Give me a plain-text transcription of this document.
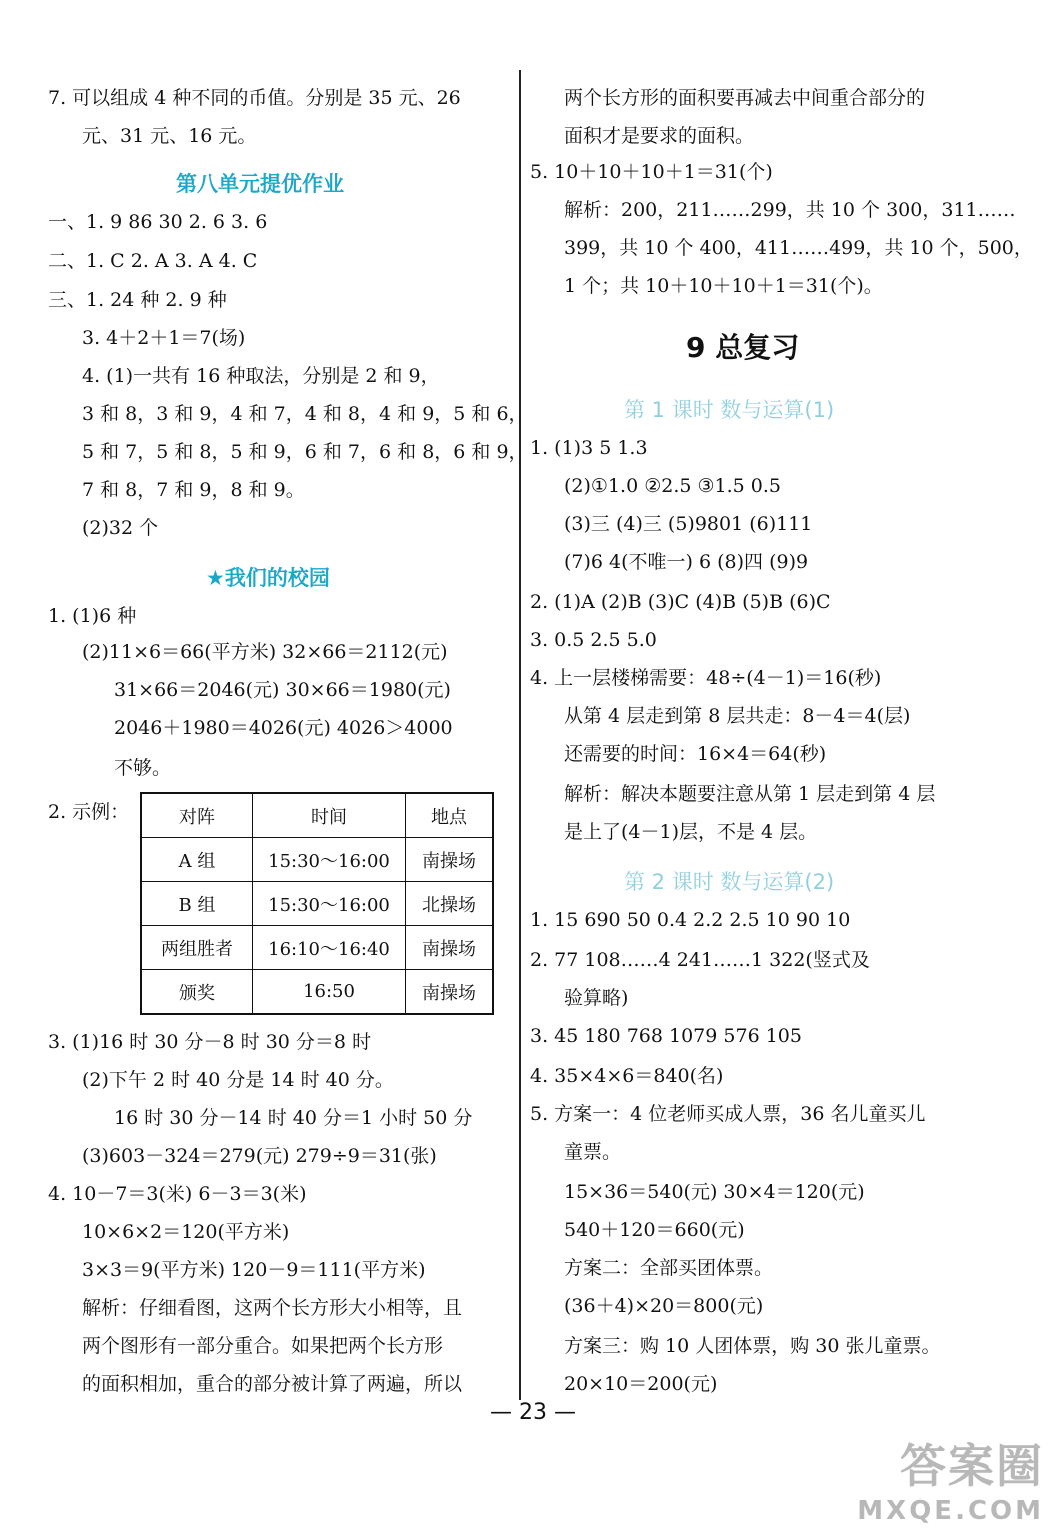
7. 可以组成 4 种不同的币值。分别是 35 元、26
元、31 元、16 元。
第八单元提优作业
一、1. 9 86 30 2. 6 3. 6
二、1. C 2. A 3. A 4. C
三、1. 24 种 2. 9 种
3. 4＋2＋1＝7(场)
4. (1)一共有 16 种取法，分别是 2 和 9，
3 和 8，3 和 9，4 和 7，4 和 8，4 和 9，5 和 6，
5 和 7，5 和 8，5 和 9，6 和 7，6 和 8，6 和 9，
7 和 8，7 和 9，8 和 9。
(2)32 个
★我们的校园
1. (1)6 种
(2)11×6＝66(平方米) 32×66＝2112(元)
31×66＝2046(元) 30×66＝1980(元)
2046＋1980＝4026(元) 4026＞4000
不够。
2. 示例：	对阵	时间	地点
A 组	15:30～16:00	南操场
B 组	15:30～16:00	北操场
两组胜者	16:10～16:40	南操场
颁奖	16:50	南操场
3. (1)16 时 30 分－8 时 30 分＝8 时
(2)下午 2 时 40 分是 14 时 40 分。
16 时 30 分－14 时 40 分＝1 小时 50 分
(3)603－324＝279(元) 279÷9＝31(张)
4. 10－7＝3(米) 6－3＝3(米)
10×6×2＝120(平方米)
3×3＝9(平方米) 120－9＝111(平方米)
解析：仔细看图，这两个长方形大小相等，且
两个图形有一部分重合。如果把两个长方形
的面积相加，重合的部分被计算了两遍，所以
两个长方形的面积要再减去中间重合部分的
面积才是要求的面积。
5. 10＋10＋10＋1＝31(个)
解析：200，211……299，共 10 个 300，311……
399，共 10 个 400，411……499，共 10 个，500，
1 个；共 10＋10＋10＋1＝31(个)。
9 总复习
第 1 课时 数与运算(1)
1. (1)3 5 1.3
(2)①1.0 ②2.5 ③1.5 0.5
(3)三 (4)三 (5)9801 (6)111
(7)6 4(不唯一) 6 (8)四 (9)9
2. (1)A (2)B (3)C (4)B (5)B (6)C
3. 0.5 2.5 5.0
4. 上一层楼梯需要：48÷(4－1)＝16(秒)
从第 4 层走到第 8 层共走：8－4＝4(层)
还需要的时间：16×4＝64(秒)
解析：解决本题要注意从第 1 层走到第 4 层
是上了(4－1)层，不是 4 层。
第 2 课时 数与运算(2)
1. 15 690 50 0.4 2.2 2.5 10 90 10
2. 77 108……4 241……1 322(竖式及
验算略)
3. 45 180 768 1079 576 105
4. 35×4×6＝840(名)
5. 方案一：4 位老师买成人票，36 名儿童买儿
童票。
15×36＝540(元) 30×4＝120(元)
540＋120＝660(元)
方案二：全部买团体票。
(36＋4)×20＝800(元)
方案三：购 10 人团体票，购 30 张儿童票。
20×10＝200(元)
— 23 —
答案圈
MXQE.COM
